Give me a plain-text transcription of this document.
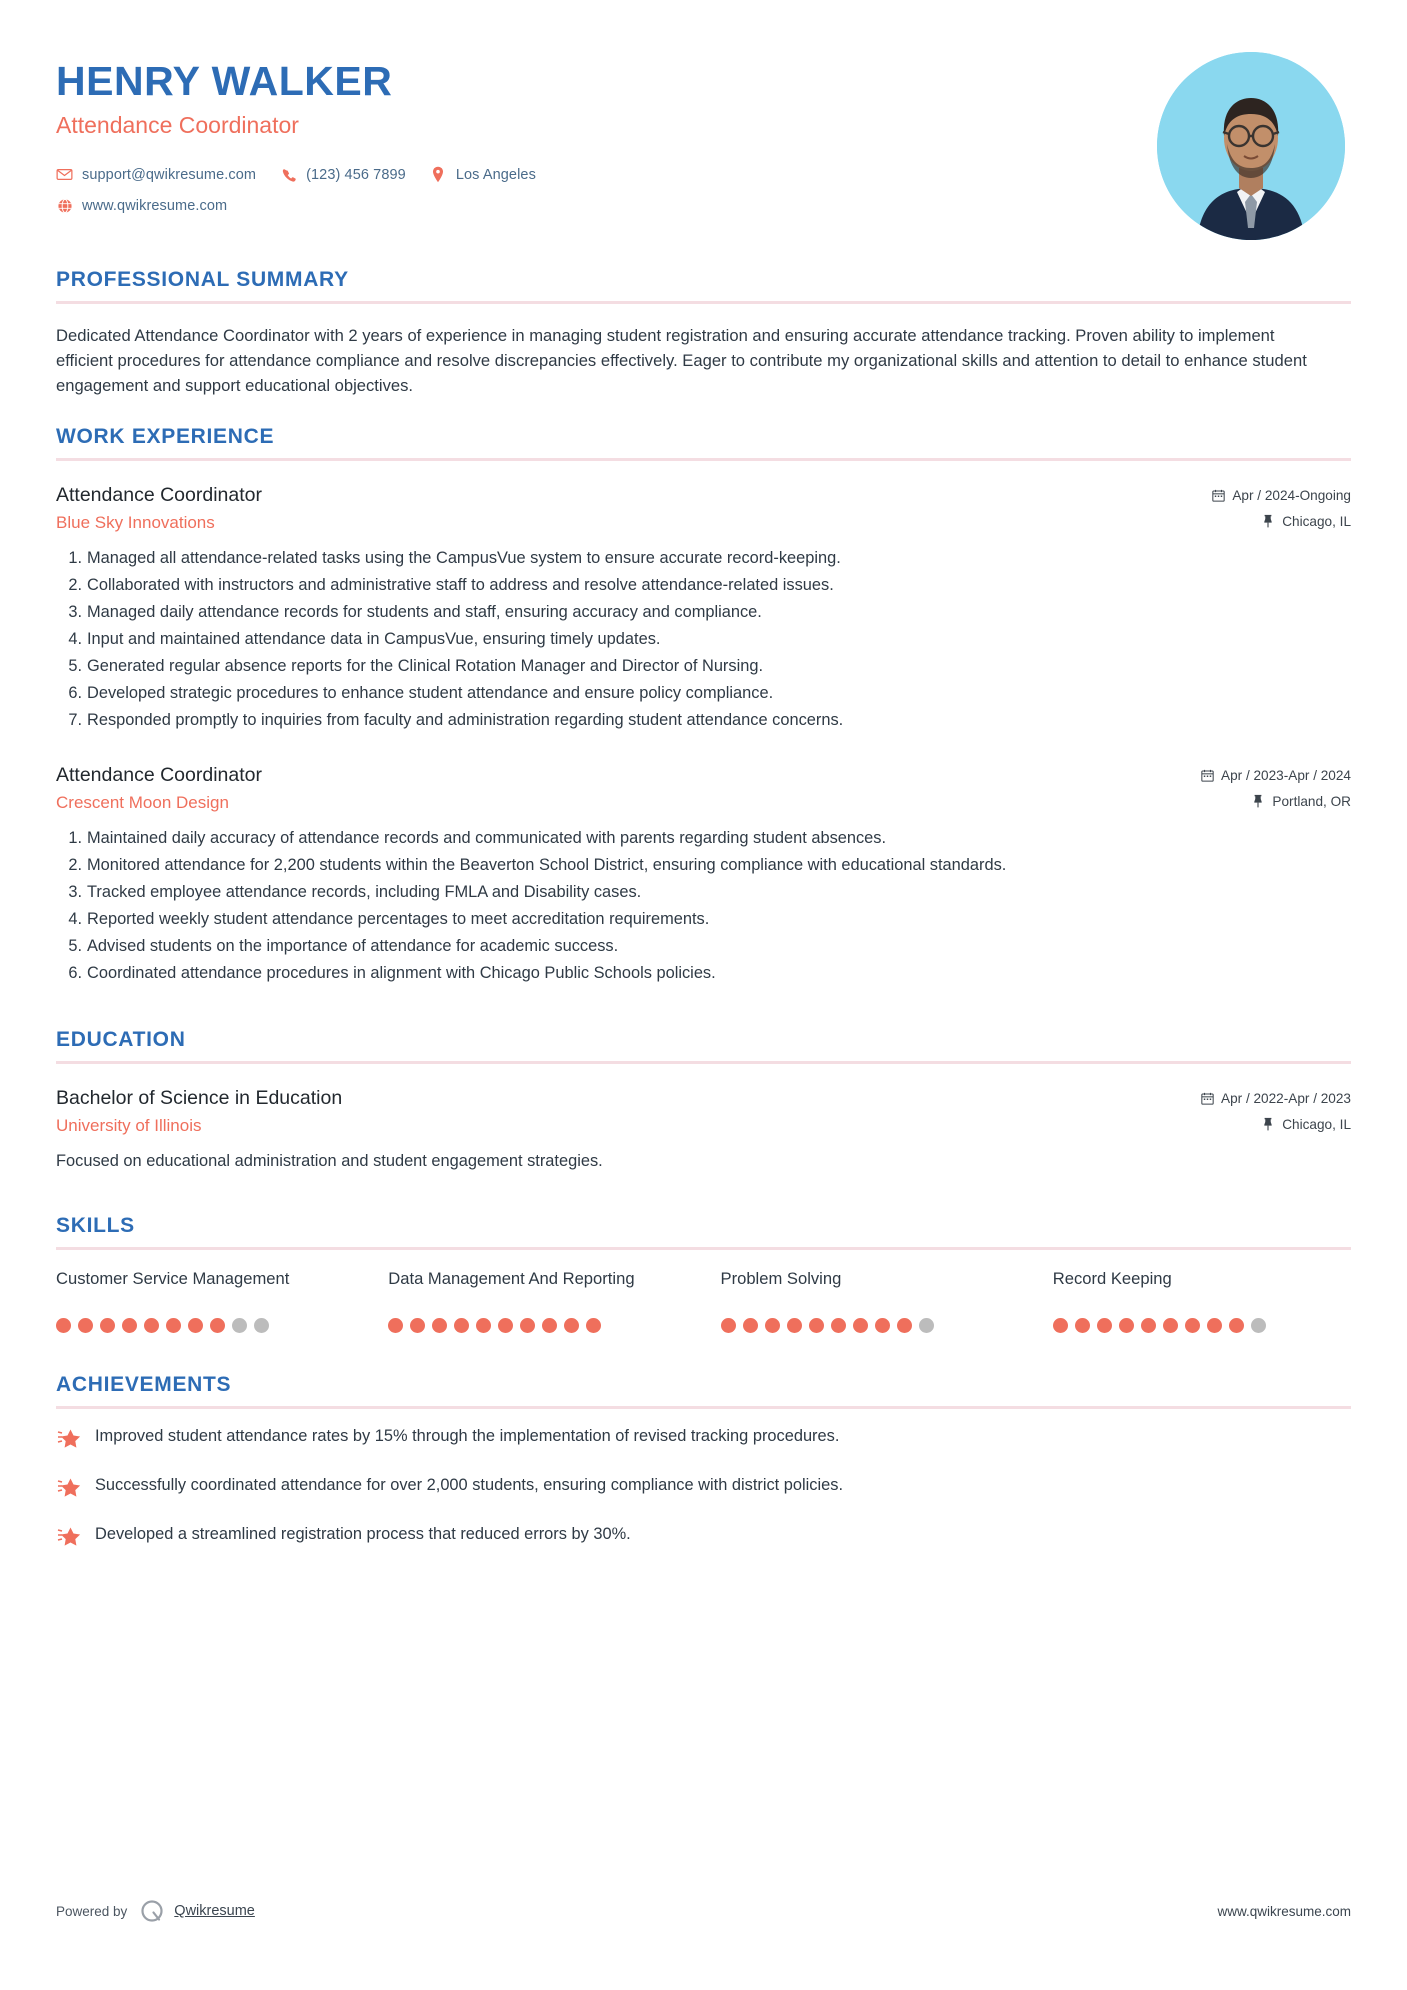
HENRY WALKER
Attendance Coordinator
support@qwikresume.com	(123) 456 7899	Los Angeles
www.qwikresume.com
PROFESSIONAL SUMMARY
Dedicated Attendance Coordinator with 2 years of experience in managing student registration and ensuring accurate attendance tracking. Proven ability to implement efficient procedures for attendance compliance and resolve discrepancies effectively. Eager to contribute my organizational skills and attention to detail to enhance student engagement and support educational objectives.
WORK EXPERIENCE
Attendance Coordinator
Blue Sky Innovations
Apr / 2024-Ongoing
Chicago, IL
Managed all attendance-related tasks using the CampusVue system to ensure accurate record-keeping.
Collaborated with instructors and administrative staff to address and resolve attendance-related issues.
Managed daily attendance records for students and staff, ensuring accuracy and compliance.
Input and maintained attendance data in CampusVue, ensuring timely updates.
Generated regular absence reports for the Clinical Rotation Manager and Director of Nursing.
Developed strategic procedures to enhance student attendance and ensure policy compliance.
Responded promptly to inquiries from faculty and administration regarding student attendance concerns.
Attendance Coordinator
Crescent Moon Design
Apr / 2023-Apr / 2024
Portland, OR
Maintained daily accuracy of attendance records and communicated with parents regarding student absences.
Monitored attendance for 2,200 students within the Beaverton School District, ensuring compliance with educational standards.
Tracked employee attendance records, including FMLA and Disability cases.
Reported weekly student attendance percentages to meet accreditation requirements.
Advised students on the importance of attendance for academic success.
Coordinated attendance procedures in alignment with Chicago Public Schools policies.
EDUCATION
Bachelor of Science in Education
University of Illinois
Apr / 2022-Apr / 2023
Chicago, IL
Focused on educational administration and student engagement strategies.
SKILLS
Customer Service Management	Data Management And Reporting	Problem Solving	Record Keeping
ACHIEVEMENTS
Improved student attendance rates by 15% through the implementation of revised tracking procedures.
Successfully coordinated attendance for over 2,000 students, ensuring compliance with district policies.
Developed a streamlined registration process that reduced errors by 30%.
Powered by	Qwikresume	www.qwikresume.com
